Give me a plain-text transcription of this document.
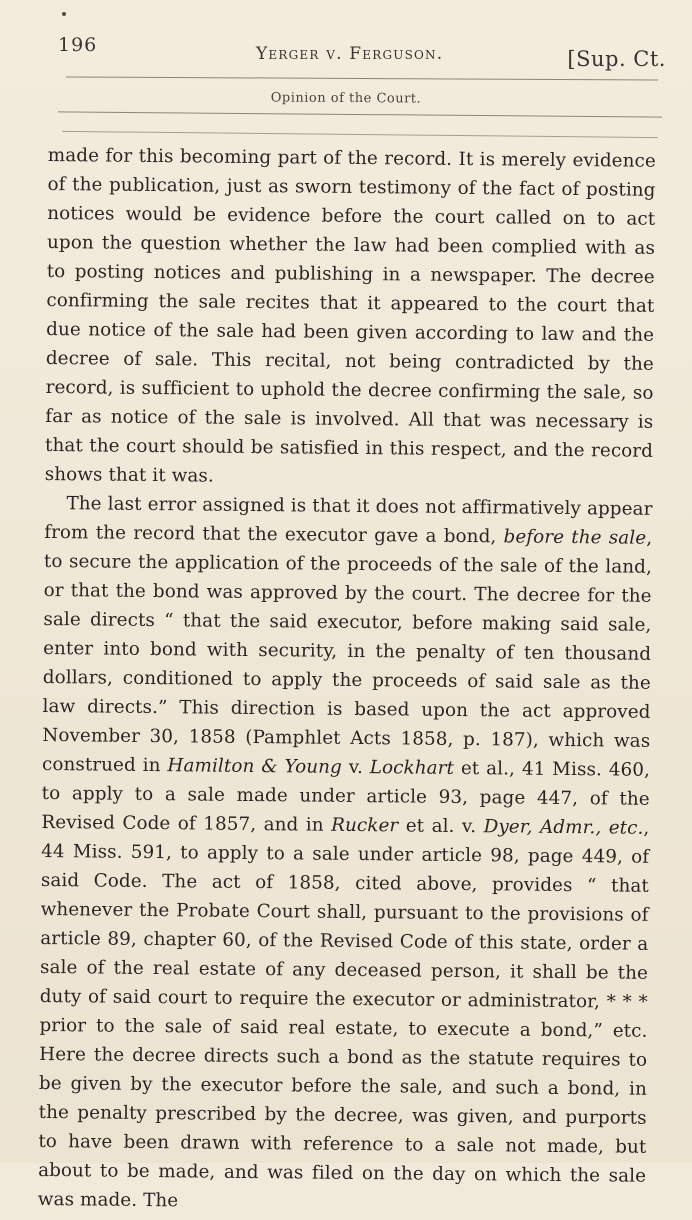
196	Yerger v. Ferguson.	[Sup. Ct.
Opinion of the Court.

made for this becoming part of the record. It is merely evidence of the publication, just as sworn testimony of the fact of posting notices would be evidence before the court called on to act upon the question whether the law had been complied with as to posting notices and publishing in a newspaper. The decree confirming the sale recites that it appeared to the court that due notice of the sale had been given according to law and the decree of sale. This recital, not being contradicted by the record, is sufficient to uphold the decree confirming the sale, so far as notice of the sale is involved. All that was necessary is that the court should be satisfied in this respect, and the record shows that it was.

The last error assigned is that it does not affirmatively appear from the record that the executor gave a bond, before the sale, to secure the application of the proceeds of the sale of the land, or that the bond was approved by the court. The decree for the sale directs “ that the said executor, before making said sale, enter into bond with security, in the penalty of ten thousand dollars, conditioned to apply the proceeds of said sale as the law directs.” This direction is based upon the act approved November 30, 1858 (Pamphlet Acts 1858, p. 187), which was construed in Hamilton & Young v. Lockhart et al., 41 Miss. 460, to apply to a sale made under article 93, page 447, of the Revised Code of 1857, and in Rucker et al. v. Dyer, Admr., etc., 44 Miss. 591, to apply to a sale under article 98, page 449, of said Code. The act of 1858, cited above, provides “ that whenever the Probate Court shall, pursuant to the provisions of article 89, chapter 60, of the Revised Code of this state, order a sale of the real estate of any deceased person, it shall be the duty of said court to require the executor or administrator, * * * prior to the sale of said real estate, to execute a bond,” etc. Here the decree directs such a bond as the statute requires to be given by the executor before the sale, and such a bond, in the penalty prescribed by the decree, was given, and purports to have been drawn with reference to a sale not made, but about to be made, and was filed on the day on which the sale was made. The
